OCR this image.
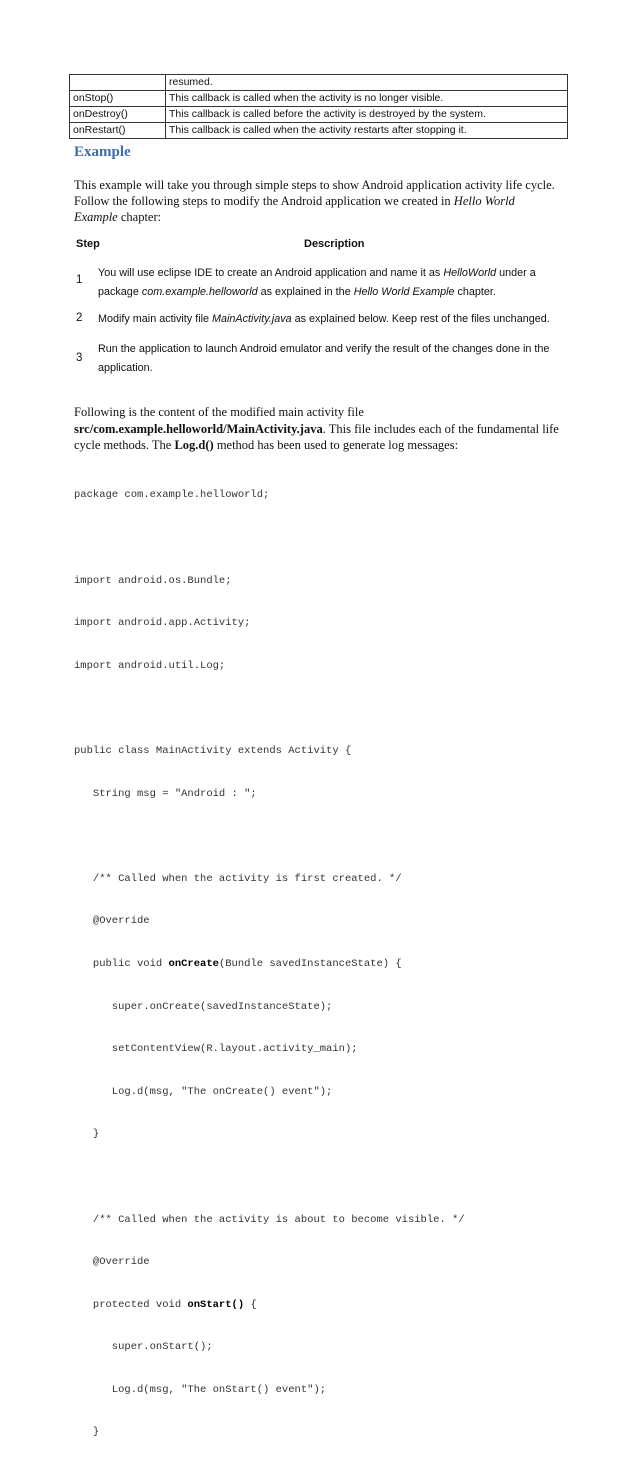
	resumed.
onStop()	This callback is called when the activity is no longer visible.
onDestroy()	This callback is called before the activity is destroyed by the system.
onRestart()	This callback is called when the activity restarts after stopping it.
Example
This example will take you through simple steps to show Android application activity life cycle.
Follow the following steps to modify the Android application we created in Hello World
Example chapter:
Step	Description
1
You will use eclipse IDE to create an Android application and name it as HelloWorld under a
package com.example.helloworld as explained in the Hello World Example chapter.
2 Modify main activity file MainActivity.java as explained below. Keep rest of the files unchanged.
3
Run the application to launch Android emulator and verify the result of the changes done in the
application.
Following is the content of the modified main activity file
src/com.example.helloworld/MainActivity.java. This file includes each of the fundamental life
cycle methods. The Log.d() method has been used to generate log messages:

package com.example.helloworld;

import android.os.Bundle;

import android.app.Activity;

import android.util.Log;

public class MainActivity extends Activity {

String msg = "Android : ";

/** Called when the activity is first created. */

@Override

public void onCreate(Bundle savedInstanceState) {

super.onCreate(savedInstanceState);

setContentView(R.layout.activity_main);

Log.d(msg, "The onCreate() event");

}

/** Called when the activity is about to become visible. */

@Override

protected void onStart() {

super.onStart();

Log.d(msg, "The onStart() event");

}
